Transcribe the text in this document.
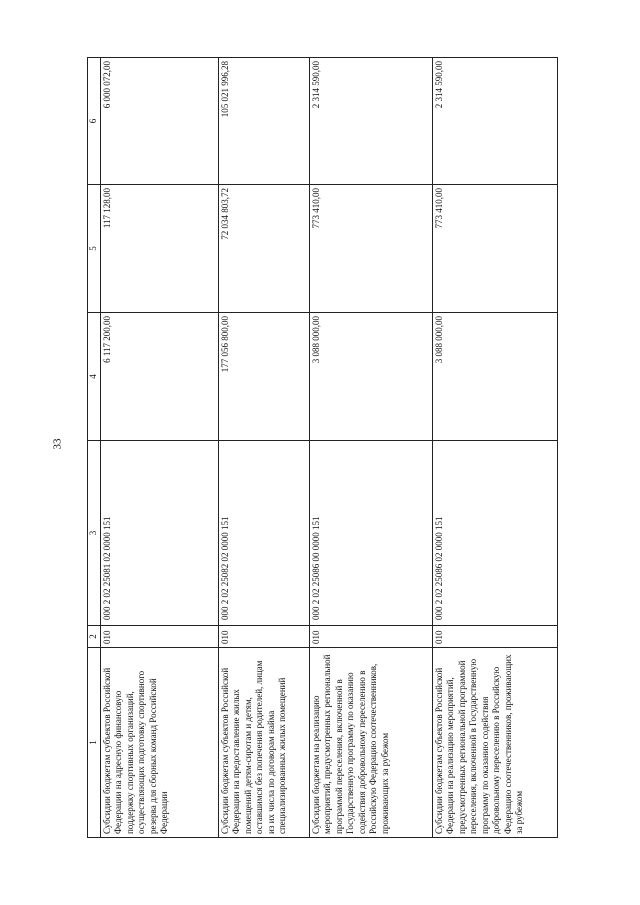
33
1	2	3	4	5	6
Субсидии бюджетам субъектов Российской Федерации на адресную финансовую поддержку спортивных организаций, осуществляющих подготовку спортивного резерва для сборных команд Российской Федерации	010	000 2 02 25081 02 0000 151	6 117 200,00	117 128,00	6 000 072,00
Субсидии бюджетам субъектов Российской Федерации на предоставление жилых помещений детям-сиротам и детям, оставшимся без попечения родителей, лицам из их числа по договорам найма специализированных жилых помещений	010	000 2 02 25082 02 0000 151	177 056 800,00	72 034 803,72	105 021 996,28
Субсидии бюджетам на реализацию мероприятий, предусмотренных региональной программой переселения, включенной в Государственную программу по оказанию содействия добровольному переселению в Российскую Федерацию соотечественников, проживающих за рубежом	010	000 2 02 25086 00 0000 151	3 088 000,00	773 410,00	2 314 590,00
Субсидии бюджетам субъектов Российской Федерации на реализацию мероприятий, предусмотренных региональной программой переселения, включенной в Государственную программу по оказанию содействия добровольному переселению в Российскую Федерацию соотечественников, проживающих за рубежом	010	000 2 02 25086 02 0000 151	3 088 000,00	773 410,00	2 314 590,00
